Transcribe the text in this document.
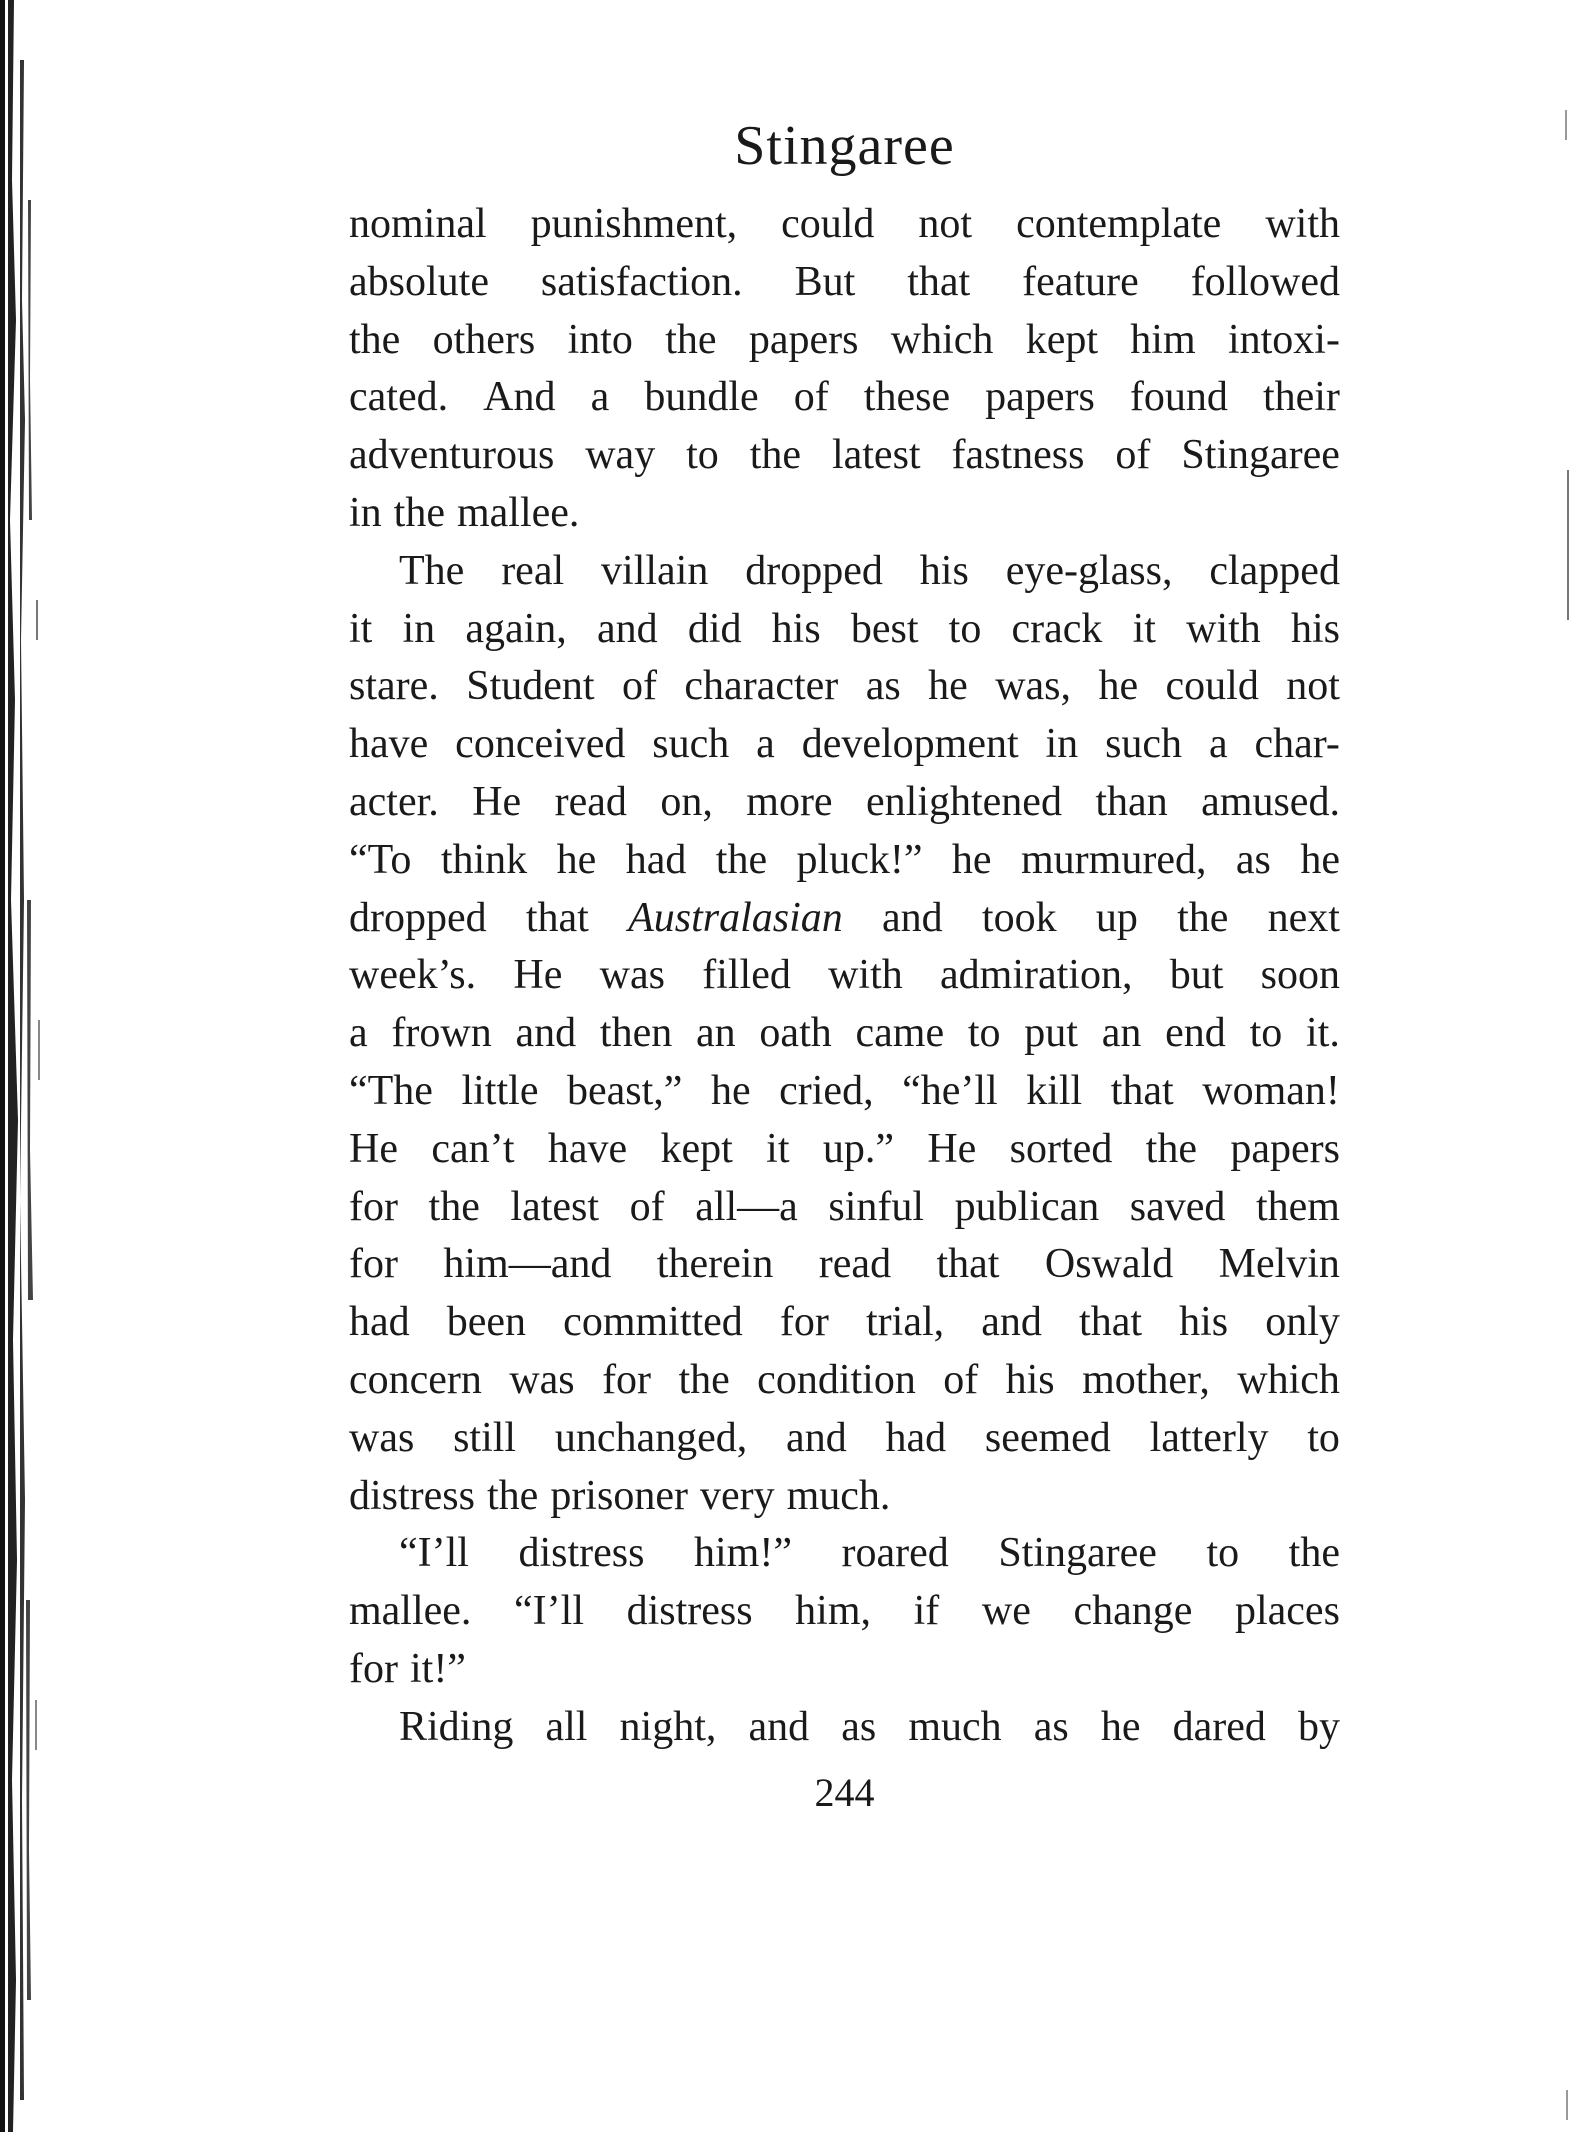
Stingaree
nominal punishment, could not contemplate with
absolute satisfaction. But that feature followed
the others into the papers which kept him intoxi-
cated. And a bundle of these papers found their
adventurous way to the latest fastness of Stingaree
in the mallee.
The real villain dropped his eye-glass, clapped
it in again, and did his best to crack it with his
stare. Student of character as he was, he could not
have conceived such a development in such a char-
acter. He read on, more enlightened than amused.
“To think he had the pluck!” he murmured, as he
dropped that Australasian and took up the next
week’s. He was filled with admiration, but soon
a frown and then an oath came to put an end to it.
“The little beast,” he cried, “he’ll kill that woman!
He can’t have kept it up.” He sorted the papers
for the latest of all—a sinful publican saved them
for him—and therein read that Oswald Melvin
had been committed for trial, and that his only
concern was for the condition of his mother, which
was still unchanged, and had seemed latterly to
distress the prisoner very much.
“I’ll distress him!” roared Stingaree to the
mallee. “I’ll distress him, if we change places
for it!”
Riding all night, and as much as he dared by
244
